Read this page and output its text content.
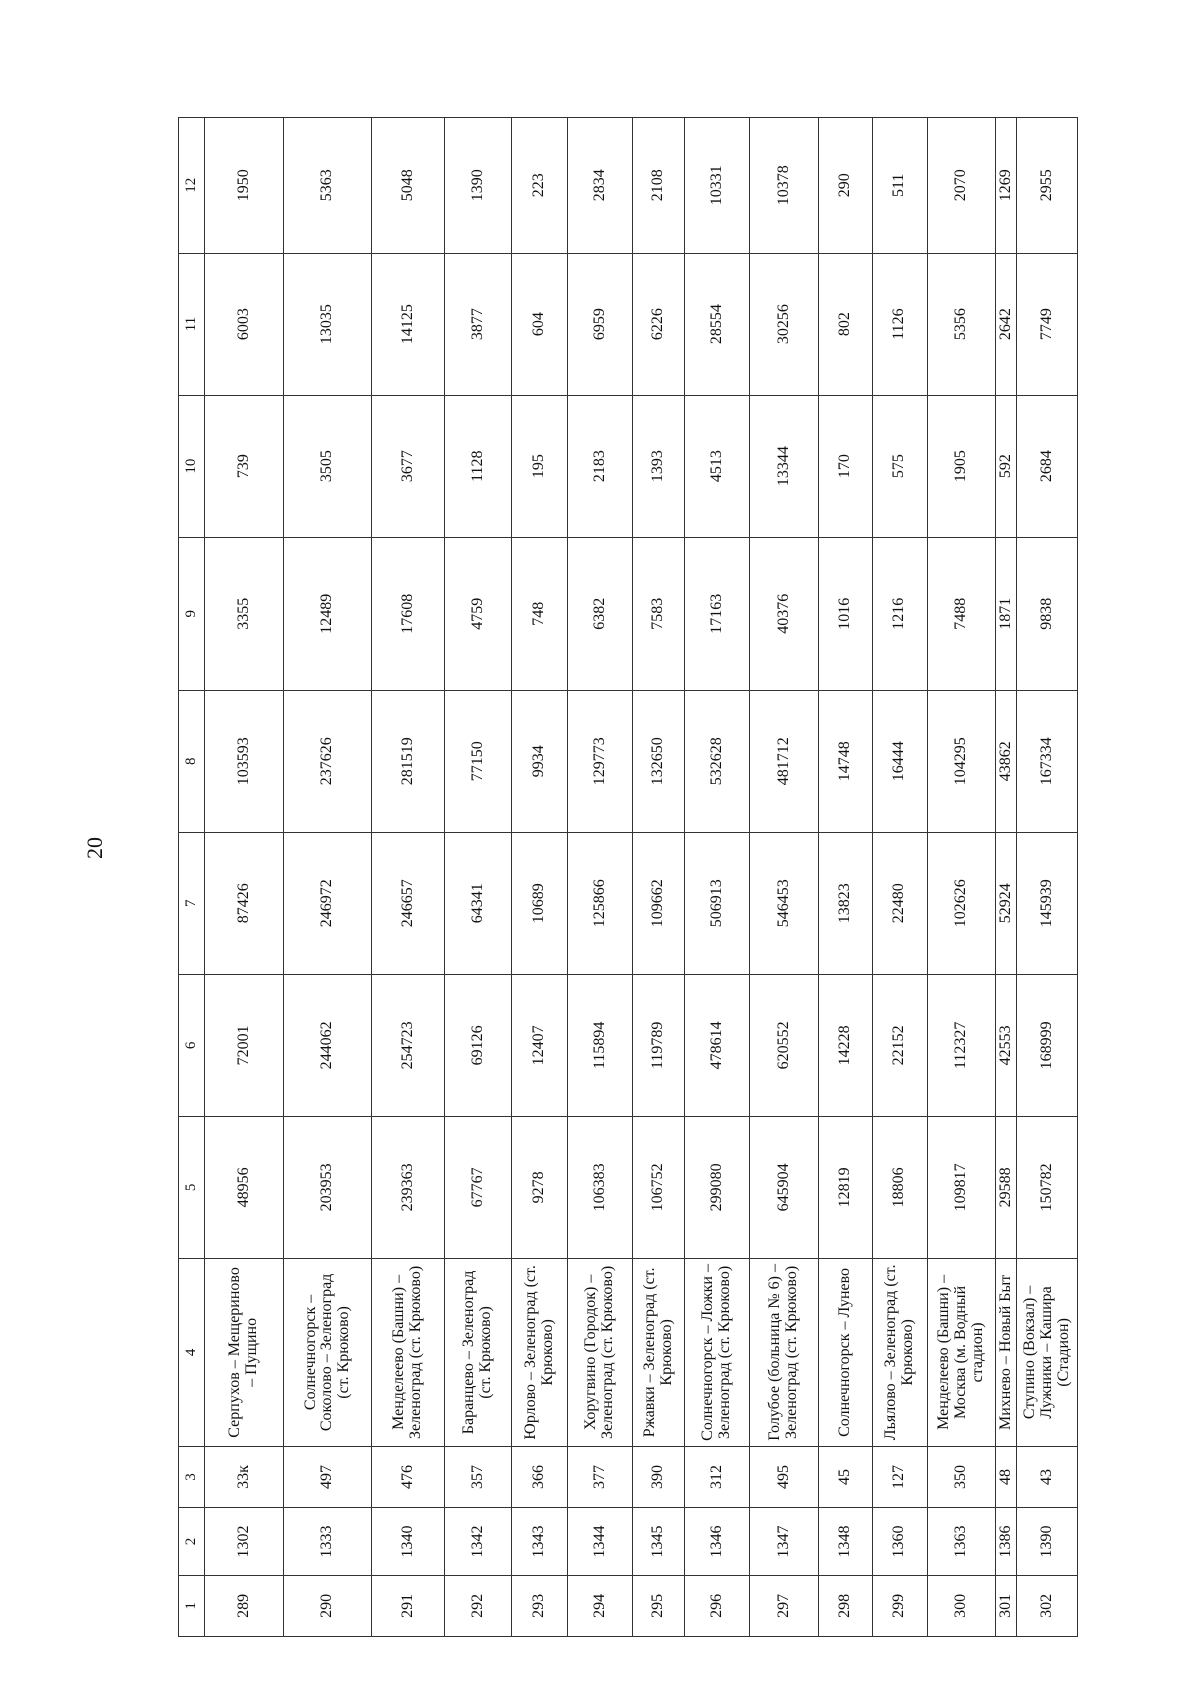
20
1	2	3	4	5	6	7	8	9	10	11	12
289	1302	33к	Серпухов – Мещериново – Пущино	48956	72001	87426	103593	3355	739	6003	1950
290	1333	497	Солнечногорск – Соколово – Зеленоград (ст. Крюково)	203953	244062	246972	237626	12489	3505	13035	5363
291	1340	476	Менделеево (Башни) – Зеленоград (ст. Крюково)	239363	254723	246657	281519	17608	3677	14125	5048
292	1342	357	Баранцево – Зеленоград (ст. Крюково)	67767	69126	64341	77150	4759	1128	3877	1390
293	1343	366	Юрлово – Зеленоград (ст. Крюково)	9278	12407	10689	9934	748	195	604	223
294	1344	377	Хоругвино (Городок) – Зеленоград (ст. Крюково)	106383	115894	125866	129773	6382	2183	6959	2834
295	1345	390	Ржавки – Зеленоград (ст. Крюково)	106752	119789	109662	132650	7583	1393	6226	2108
296	1346	312	Солнечногорск – Ложки – Зеленоград (ст. Крюково)	299080	478614	506913	532628	17163	4513	28554	10331
297	1347	495	Голубое (больница № 6) – Зеленоград (ст. Крюково)	645904	620552	546453	481712	40376	13344	30256	10378
298	1348	45	Солнечногорск – Лунево	12819	14228	13823	14748	1016	170	802	290
299	1360	127	Льялово – Зеленоград (ст. Крюково)	18806	22152	22480	16444	1216	575	1126	511
300	1363	350	Менделеево (Башни) – Москва (м. Водный стадион)	109817	112327	102626	104295	7488	1905	5356	2070
301	1386	48	Михнево – Новый Быт	29588	42553	52924	43862	1871	592	2642	1269
302	1390	43	Ступино (Вокзал) – Лужники – Кашира (Стадион)	150782	168999	145939	167334	9838	2684	7749	2955
